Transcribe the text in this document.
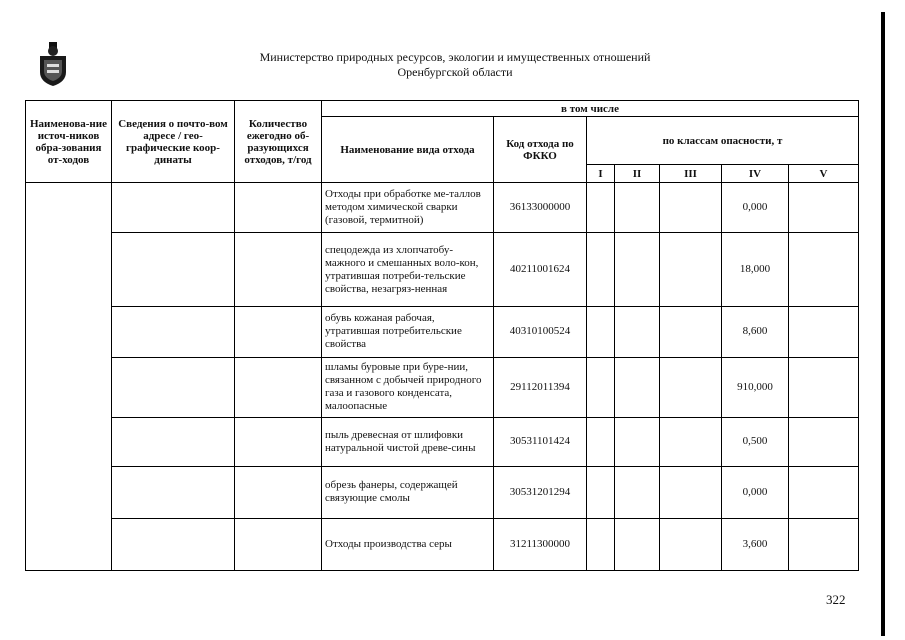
Министерство природных ресурсов, экологии и имущественных отношений
Оренбургской области
Наименова-ние источ-ников обра-зования от-ходов	Сведения о почто-вом адресе / гео-графические коор-динаты	Количество ежегодно об-разующихся отходов, т/год	в том числе						
			Наименование вида отхода	Код отхода по ФККО	по классам опасности, т				
					I	II	III	IV	V
			Отходы при обработке ме-таллов методом химической сварки (газовой, термитной)	36133000000				0,000	
			спецодежда из хлопчатобу-мажного и смешанных воло-кон, утратившая потреби-тельские свойства, незагряз-ненная	40211001624				18,000	
			обувь кожаная рабочая, утратившая потребительские свойства	40310100524				8,600	
			шламы буровые при буре-нии, связанном с добычей природного газа и газового конденсата, малоопасные	29112011394				910,000	
			пыль древесная от шлифовки натуральной чистой древе-сины	30531101424				0,500	
			обрезь фанеры, содержащей связующие смолы	30531201294				0,000	
			Отходы производства серы	31211300000				3,600	
322
